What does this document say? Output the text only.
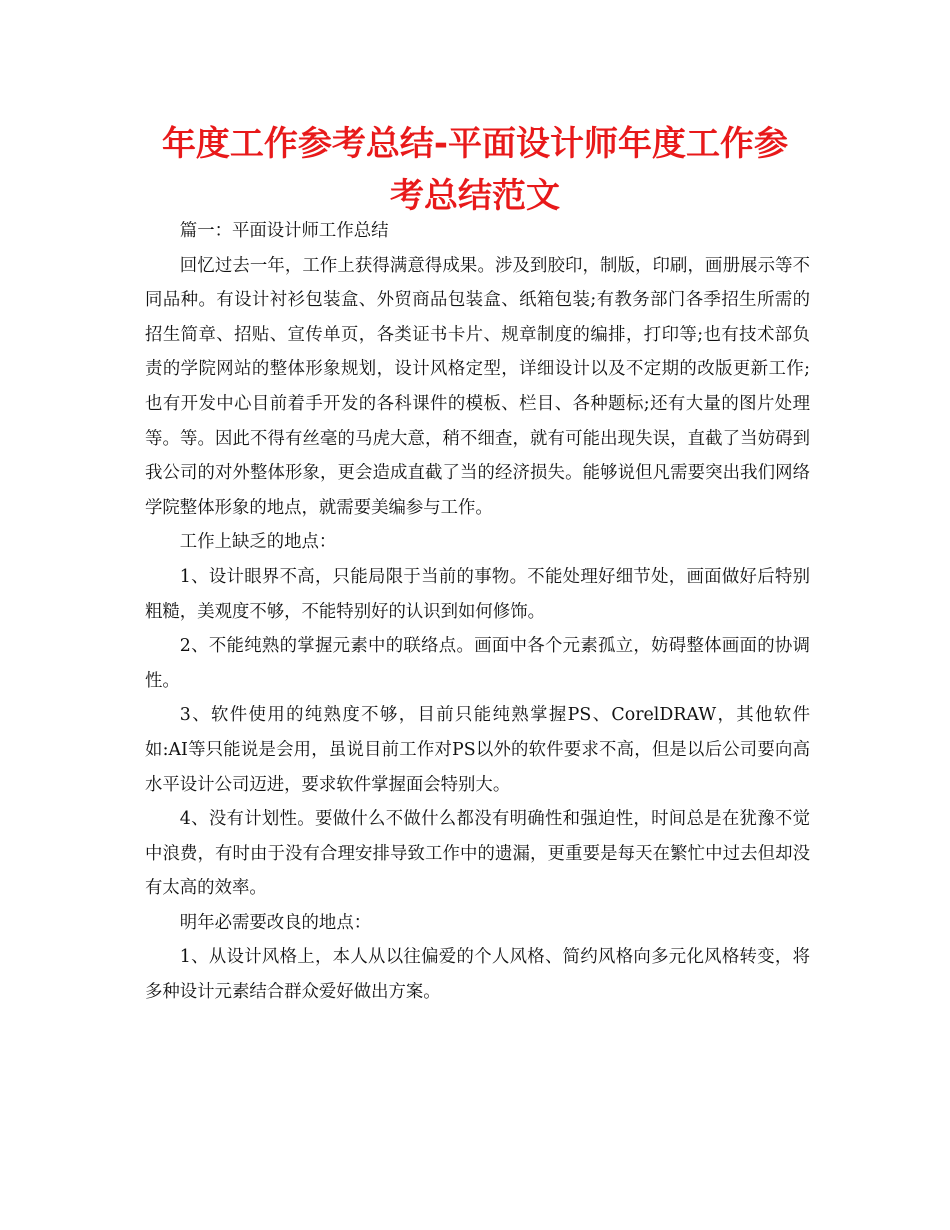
年度工作参考总结-平面设计师年度工作参考总结范文

篇一：平面设计师工作总结

回忆过去一年，工作上获得满意得成果。涉及到胶印，制版，印刷，画册展示等不同品种。有设计衬衫包装盒、外贸商品包装盒、纸箱包装;有教务部门各季招生所需的招生简章、招贴、宣传单页，各类证书卡片、规章制度的编排，打印等;也有技术部负责的学院网站的整体形象规划，设计风格定型，详细设计以及不定期的改版更新工作;也有开发中心目前着手开发的各科课件的模板、栏目、各种题标;还有大量的图片处理等。等。因此不得有丝毫的马虎大意，稍不细查，就有可能出现失误，直截了当妨碍到我公司的对外整体形象，更会造成直截了当的经济损失。能够说但凡需要突出我们网络学院整体形象的地点，就需要美编参与工作。

工作上缺乏的地点：

1、设计眼界不高，只能局限于当前的事物。不能处理好细节处，画面做好后特别粗糙，美观度不够，不能特别好的认识到如何修饰。

2、不能纯熟的掌握元素中的联络点。画面中各个元素孤立，妨碍整体画面的协调性。

3、软件使用的纯熟度不够，目前只能纯熟掌握PS、CorelDRAW，其他软件如:AI等只能说是会用，虽说目前工作对PS以外的软件要求不高，但是以后公司要向高水平设计公司迈进，要求软件掌握面会特别大。

4、没有计划性。要做什么不做什么都没有明确性和强迫性，时间总是在犹豫不觉中浪费，有时由于没有合理安排导致工作中的遗漏，更重要是每天在繁忙中过去但却没有太高的效率。

明年必需要改良的地点：

1、从设计风格上，本人从以往偏爱的个人风格、简约风格向多元化风格转变，将多种设计元素结合群众爱好做出方案。
